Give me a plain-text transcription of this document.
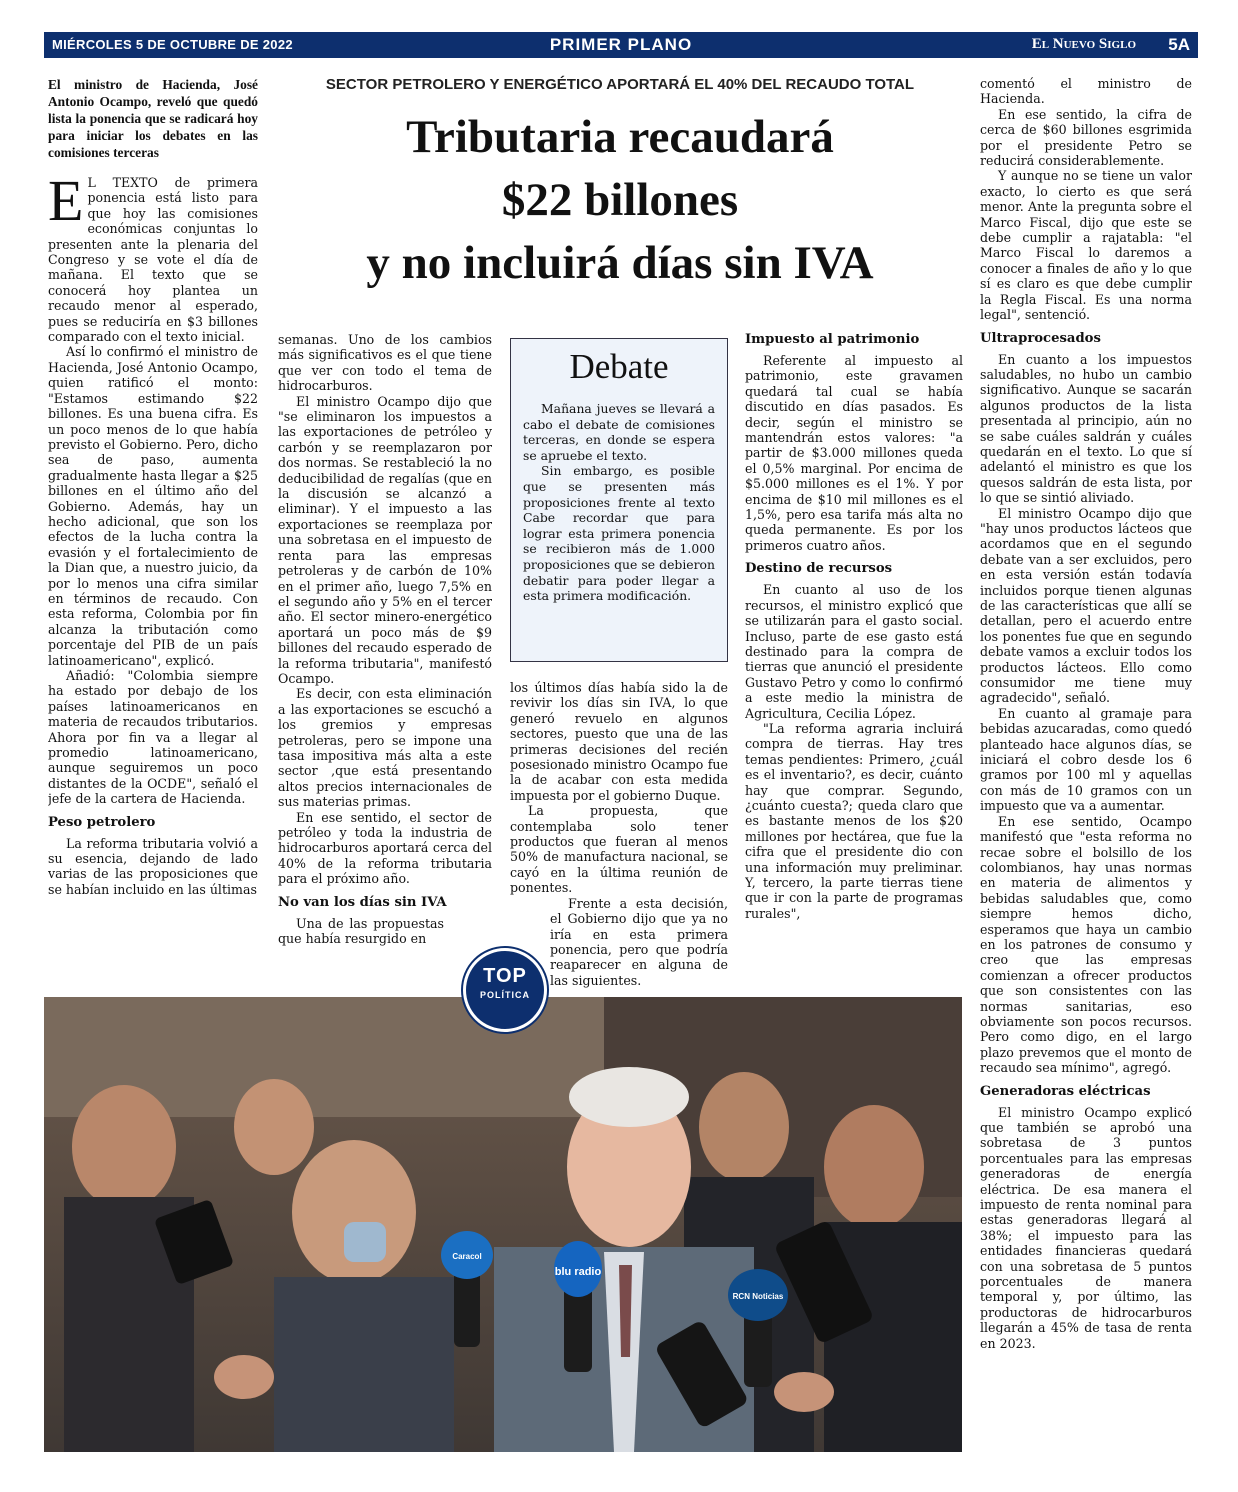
MIÉRCOLES 5 DE OCTUBRE DE 2022	PRIMER PLANO	El Nuevo Siglo 5A
SECTOR PETROLERO Y ENERGÉTICO APORTARÁ EL 40% DEL RECAUDO TOTAL
Tributaria recaudará
$22 billones
y no incluirá días sin IVA
El ministro de Hacienda, José Antonio Ocampo, reveló que quedó lista la ponencia que se radicará hoy para iniciar los debates en las comisiones terceras

E L TEXTO de primera ponencia está listo para que hoy las comisiones económicas conjuntas lo presenten ante la plenaria del Congreso y se vote el día de mañana. El texto que se conocerá hoy plantea un recaudo menor al esperado, pues se reduciría en $3 billones comparado con el texto inicial.

Así lo confirmó el ministro de Hacienda, José Antonio Ocampo, quien ratificó el monto: "Estamos estimando $22 billones. Es una buena cifra. Es un poco menos de lo que había previsto el Gobierno. Pero, dicho sea de paso, aumenta gradualmente hasta llegar a $25 billones en el último año del Gobierno. Además, hay un hecho adicional, que son los efectos de la lucha contra la evasión y el fortalecimiento de la Dian que, a nuestro juicio, da por lo menos una cifra similar en términos de recaudo. Con esta reforma, Colombia por fin alcanza la tributación como porcentaje del PIB de un país latinoamericano", explicó.

Añadió: "Colombia siempre ha estado por debajo de los países latinoamericanos en materia de recaudos tributarios. Ahora por fin va a llegar al promedio latinoamericano, aunque seguiremos un poco distantes de la OCDE", señaló el jefe de la cartera de Hacienda.

Peso petrolero

La reforma tributaria volvió a su esencia, dejando de lado varias de las proposiciones que se habían incluido en las últimas

semanas. Uno de los cambios más significativos es el que tiene que ver con todo el tema de hidrocarburos.

El ministro Ocampo dijo que "se eliminaron los impuestos a las exportaciones de petróleo y carbón y se reemplazaron por dos normas. Se restableció la no deducibilidad de regalías (que en la discusión se alcanzó a eliminar). Y el impuesto a las exportaciones se reemplaza por una sobretasa en el impuesto de renta para las empresas petroleras y de carbón de 10% en el primer año, luego 7,5% en el segundo año y 5% en el tercer año. El sector minero-energético aportará un poco más de $9 billones del recaudo esperado de la reforma tributaria", manifestó Ocampo.

Es decir, con esta eliminación a las exportaciones se escuchó a los gremios y empresas petroleras, pero se impone una tasa impositiva más alta a este sector ,que está presentando altos precios internacionales de sus materias primas.

En ese sentido, el sector de petróleo y toda la industria de hidrocarburos aportará cerca del 40% de la reforma tributaria para el próximo año.

No van los días sin IVA

Una de las propuestas que había resurgido en

Debate

Mañana jueves se llevará a cabo el debate de comisiones terceras, en donde se espera se apruebe el texto.

Sin embargo, es posible que se presenten más proposiciones frente al texto Cabe recordar que para lograr esta primera ponencia se recibieron más de 1.000 proposiciones que se debieron debatir para poder llegar a esta primera modificación.

los últimos días había sido la de revivir los días sin IVA, lo que generó revuelo en algunos sectores, puesto que una de las primeras decisiones del recién posesionado ministro Ocampo fue la de acabar con esta medida impuesta por el gobierno Duque.

La propuesta, que contemplaba solo tener productos que fueran al menos 50% de manufactura nacional, se cayó en la última reunión de ponentes.

Frente a esta decisión, el Gobierno dijo que ya no iría en esta primera ponencia, pero que podría reaparecer en alguna de las siguientes.

Impuesto al patrimonio

Referente al impuesto al patrimonio, este gravamen quedará tal cual se había discutido en días pasados. Es decir, según el ministro se mantendrán estos valores: "a partir de $3.000 millones queda el 0,5% marginal. Por encima de $5.000 millones es el 1%. Y por encima de $10 mil millones es el 1,5%, pero esa tarifa más alta no queda permanente. Es por los primeros cuatro años.

Destino de recursos

En cuanto al uso de los recursos, el ministro explicó que se utilizarán para el gasto social. Incluso, parte de ese gasto está destinado para la compra de tierras que anunció el presidente Gustavo Petro y como lo confirmó a este medio la ministra de Agricultura, Cecilia López.

"La reforma agraria incluirá compra de tierras. Hay tres temas pendientes: Primero, ¿cuál es el inventario?, es decir, cuánto hay que comprar. Segundo, ¿cuánto cuesta?; queda claro que es bastante menos de los $20 millones por hectárea, que fue la cifra que el presidente dio con una información muy preliminar. Y, tercero, la parte tierras tiene que ir con la parte de programas rurales",

comentó el ministro de Hacienda.

En ese sentido, la cifra de cerca de $60 billones esgrimida por el presidente Petro se reducirá considerablemente.

Y aunque no se tiene un valor exacto, lo cierto es que será menor. Ante la pregunta sobre el Marco Fiscal, dijo que este se debe cumplir a rajatabla: "el Marco Fiscal lo daremos a conocer a finales de año y lo que sí es claro es que debe cumplir la Regla Fiscal. Es una norma legal", sentenció.

Ultraprocesados

En cuanto a los impuestos saludables, no hubo un cambio significativo. Aunque se sacarán algunos productos de la lista presentada al principio, aún no se sabe cuáles saldrán y cuáles quedarán en el texto. Lo que sí adelantó el ministro es que los quesos saldrán de esta lista, por lo que se sintió aliviado.

El ministro Ocampo dijo que "hay unos productos lácteos que acordamos que en el segundo debate van a ser excluidos, pero en esta versión están todavía incluidos porque tienen algunas de las características que allí se detallan, pero el acuerdo entre los ponentes fue que en segundo debate vamos a excluir todos los productos lácteos. Ello como consumidor me tiene muy agradecido", señaló.

En cuanto al gramaje para bebidas azucaradas, como quedó planteado hace algunos días, se iniciará el cobro desde los 6 gramos por 100 ml y aquellas con más de 10 gramos con un impuesto que va a aumentar.

En ese sentido, Ocampo manifestó que "esta reforma no recae sobre el bolsillo de los colombianos, hay unas normas en materia de alimentos y bebidas saludables que, como siempre hemos dicho, esperamos que haya un cambio en los patrones de consumo y creo que las empresas comienzan a ofrecer productos que son consistentes con las normas sanitarias, eso obviamente son pocos recursos. Pero como digo, en el largo plazo prevemos que el monto de recaudo sea mínimo", agregó.

Generadoras eléctricas

El ministro Ocampo explicó que también se aprobó una sobretasa de 3 puntos porcentuales para las empresas generadoras de energía eléctrica. De esa manera el impuesto de renta nominal para estas generadoras llegará al 38%; el impuesto para las entidades financieras quedará con una sobretasa de 5 puntos porcentuales de manera temporal y, por último, las productoras de hidrocarburos llegarán a 45% de tasa de renta en 2023.

blu radio
RCN Noticias
Caracol
TOP
POLÍTICA
